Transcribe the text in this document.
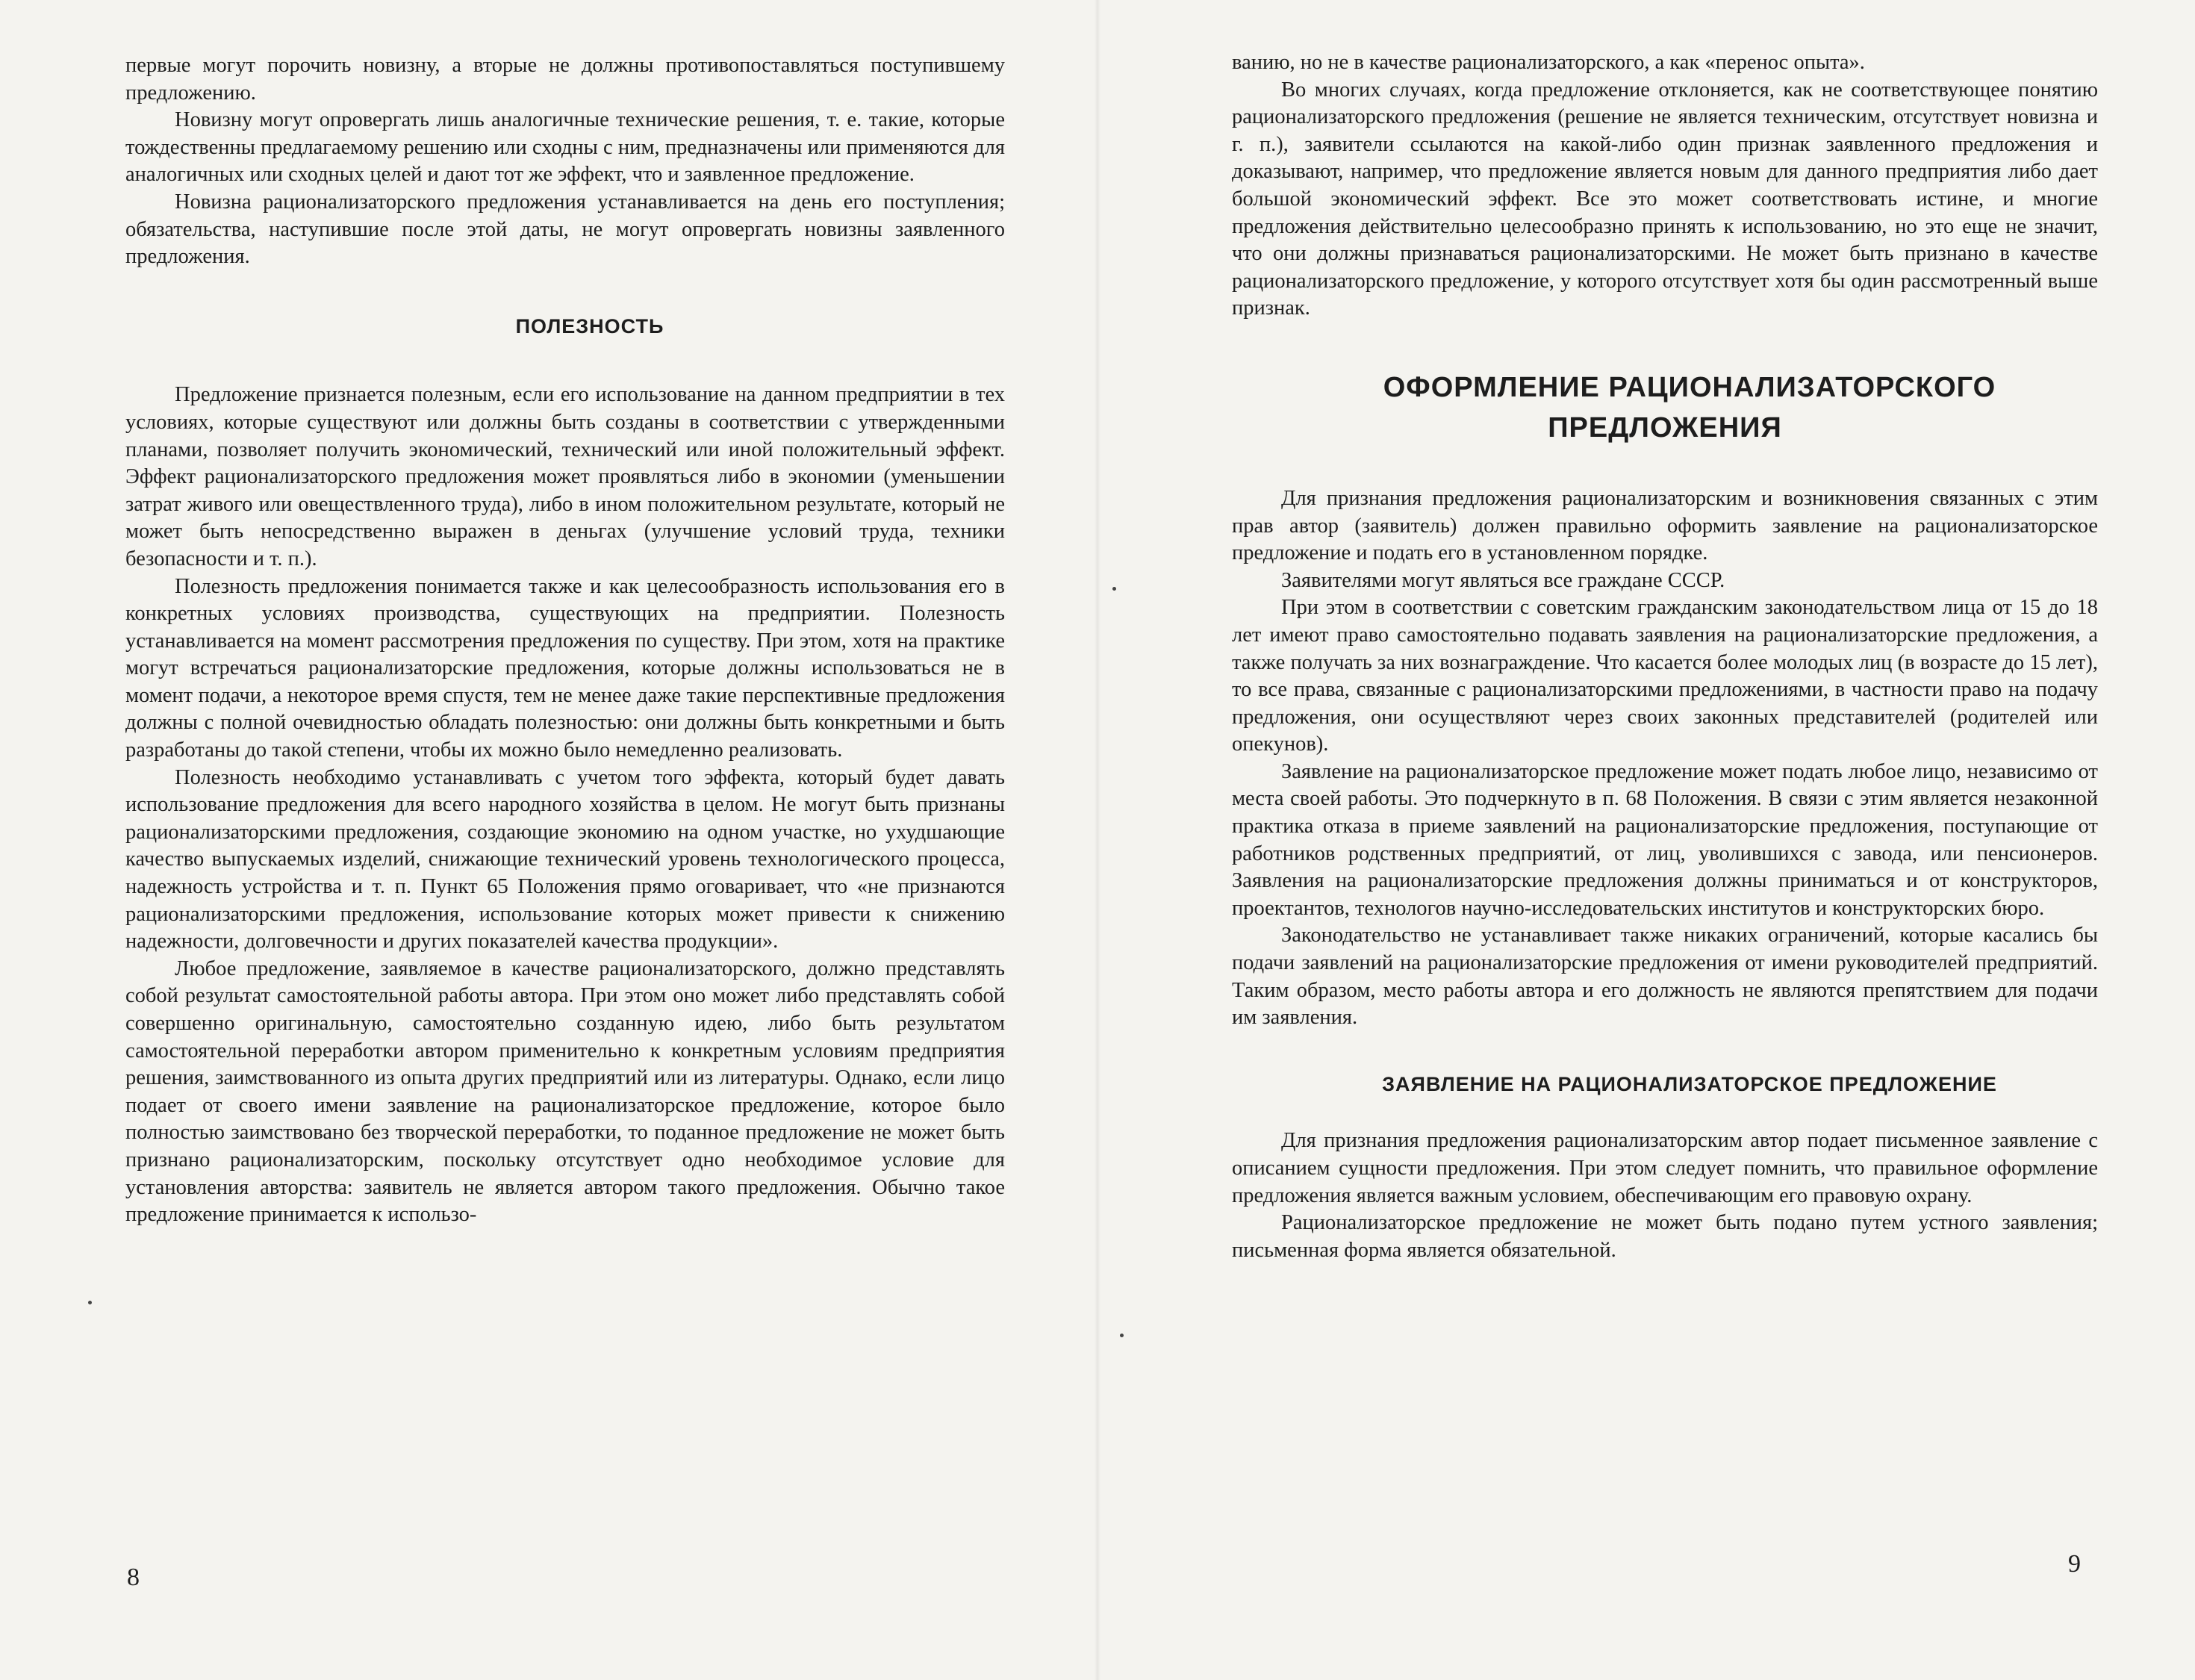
первые могут порочить новизну, а вторые не должны противопоставляться поступившему предложению.

Новизну могут опровергать лишь аналогичные технические решения, т. е. такие, которые тождественны предлагаемому решению или сходны с ним, предназначены или применяются для аналогичных или сходных целей и дают тот же эффект, что и заявленное предложение.

Новизна рационализаторского предложения устанавливается на день его поступления; обязательства, наступившие после этой даты, не могут опровергать новизны заявленного предложения.

ПОЛЕЗНОСТЬ

Предложение признается полезным, если его использование на данном предприятии в тех условиях, которые существуют или должны быть созданы в соответствии с утвержденными планами, позволяет получить экономический, технический или иной положительный эффект. Эффект рационализаторского предложения может проявляться либо в экономии (уменьшении затрат живого или овеществленного труда), либо в ином положительном результате, который не может быть непосредственно выражен в деньгах (улучшение условий труда, техники безопасности и т. п.).

Полезность предложения понимается также и как целесообразность использования его в конкретных условиях производства, существующих на предприятии. Полезность устанавливается на момент рассмотрения предложения по существу. При этом, хотя на практике могут встречаться рационализаторские предложения, которые должны использоваться не в момент подачи, а некоторое время спустя, тем не менее даже такие перспективные предложения должны с полной очевидностью обладать полезностью: они должны быть конкретными и быть разработаны до такой степени, чтобы их можно было немедленно реализовать.

Полезность необходимо устанавливать с учетом того эффекта, который будет давать использование предложения для всего народного хозяйства в целом. Не могут быть признаны рационализаторскими предложения, создающие экономию на одном участке, но ухудшающие качество выпускаемых изделий, снижающие технический уровень технологического процесса, надежность устройства и т. п. Пункт 65 Положения прямо оговаривает, что «не признаются рационализаторскими предложения, использование которых может привести к снижению надежности, долговечности и других показателей качества продукции».

Любое предложение, заявляемое в качестве рационализаторского, должно представлять собой результат самостоятельной работы автора. При этом оно может либо представлять собой совершенно оригинальную, самостоятельно созданную идею, либо быть результатом самостоятельной переработки автором применительно к конкретным условиям предприятия решения, заимствованного из опыта других предприятий или из литературы. Однако, если лицо подает от своего имени заявление на рационализаторское предложение, которое было полностью заимствовано без творческой переработки, то поданное предложение не может быть признано рационализаторским, поскольку отсутствует одно необходимое условие для установления авторства: заявитель не является автором такого предложения. Обычно такое предложение принимается к использо-

8

ванию, но не в качестве рационализаторского, а как «перенос опыта».

Во многих случаях, когда предложение отклоняется, как не соответствующее понятию рационализаторского предложения (решение не является техническим, отсутствует новизна и г. п.), заявители ссылаются на какой-либо один признак заявленного предложения и доказывают, например, что предложение является новым для данного предприятия либо дает большой экономический эффект. Все это может соответствовать истине, и многие предложения действительно целесообразно принять к использованию, но это еще не значит, что они должны признаваться рационализаторскими. Не может быть признано в качестве рационализаторского предложение, у которого отсутствует хотя бы один рассмотренный выше признак.

ОФОРМЛЕНИЕ РАЦИОНАЛИЗАТОРСКОГО ПРЕДЛОЖЕНИЯ

Для признания предложения рационализаторским и возникновения связанных с этим прав автор (заявитель) должен правильно оформить заявление на рационализаторское предложение и подать его в установленном порядке.

Заявителями могут являться все граждане СССР.

При этом в соответствии с советским гражданским законодательством лица от 15 до 18 лет имеют право самостоятельно подавать заявления на рационализаторские предложения, а также получать за них вознаграждение. Что касается более молодых лиц (в возрасте до 15 лет), то все права, связанные с рационализаторскими предложениями, в частности право на подачу предложения, они осуществляют через своих законных представителей (родителей или опекунов).

Заявление на рационализаторское предложение может подать любое лицо, независимо от места своей работы. Это подчеркнуто в п. 68 Положения. В связи с этим является незаконной практика отказа в приеме заявлений на рационализаторские предложения, поступающие от работников родственных предприятий, от лиц, уволившихся с завода, или пенсионеров. Заявления на рационализаторские предложения должны приниматься и от конструкторов, проектантов, технологов научно-исследовательских институтов и конструкторских бюро.

Законодательство не устанавливает также никаких ограничений, которые касались бы подачи заявлений на рационализаторские предложения от имени руководителей предприятий. Таким образом, место работы автора и его должность не являются препятствием для подачи им заявления.

ЗАЯВЛЕНИЕ НА РАЦИОНАЛИЗАТОРСКОЕ ПРЕДЛОЖЕНИЕ

Для признания предложения рационализаторским автор подает письменное заявление с описанием сущности предложения. При этом следует помнить, что правильное оформление предложения является важным условием, обеспечивающим его правовую охрану.

Рационализаторское предложение не может быть подано путем устного заявления; письменная форма является обязательной.

9
